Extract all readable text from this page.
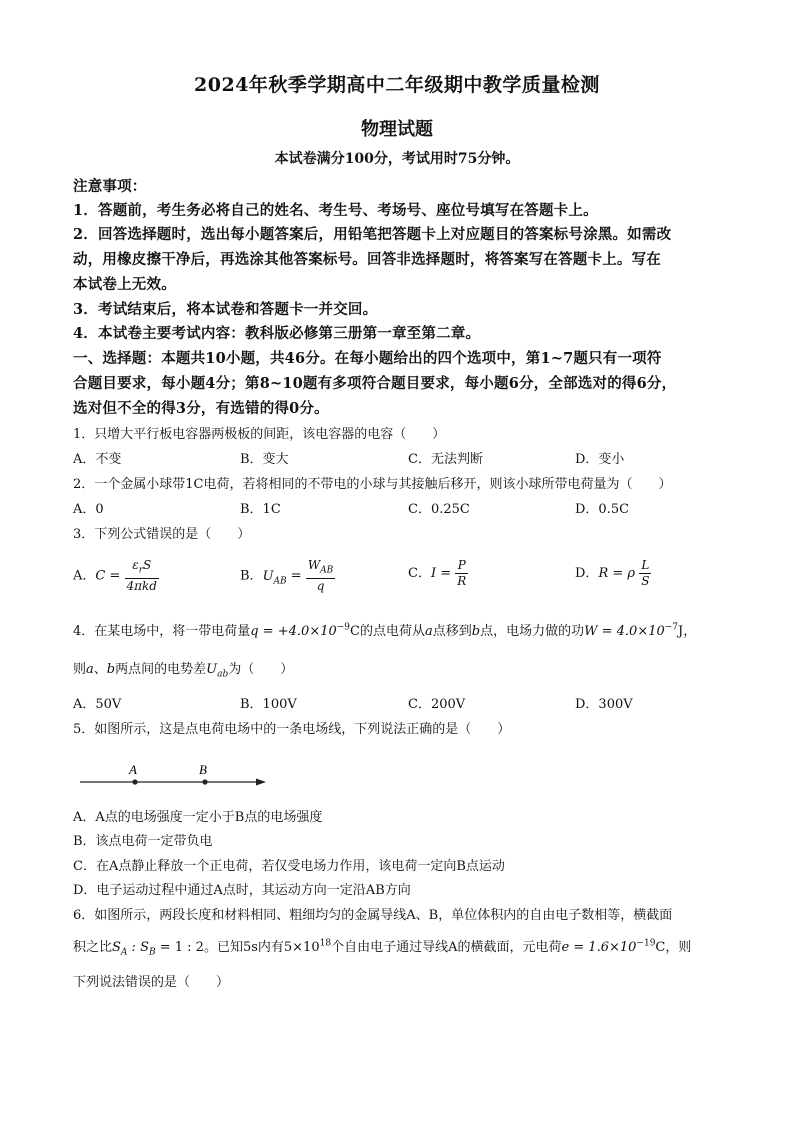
2024年秋季学期高中二年级期中教学质量检测
物理试题
本试卷满分100分，考试用时75分钟。
注意事项：
1．答题前，考生务必将自己的姓名、考生号、考场号、座位号填写在答题卡上。
2．回答选择题时，选出每小题答案后，用铅笔把答题卡上对应题目的答案标号涂黑。如需改
动，用橡皮擦干净后，再选涂其他答案标号。回答非选择题时，将答案写在答题卡上。写在
本试卷上无效。
3．考试结束后，将本试卷和答题卡一并交回。
4．本试卷主要考试内容：教科版必修第三册第一章至第二章。
一、选择题：本题共10小题，共46分。在每小题给出的四个选项中，第1~7题只有一项符
合题目要求，每小题4分；第8~10题有多项符合题目要求，每小题6分，全部选对的得6分，
选对但不全的得3分，有选错的得0分。
1．只增大平行板电容器两极板的间距，该电容器的电容（　　）
A．不变	B．变大	C．无法判断	D．变小
2．一个金属小球带1C电荷，若将相同的不带电的小球与其接触后移开，则该小球所带电荷量为（　　）
A．0	B．1C	C．0.25C	D．0.5C
3．下列公式错误的是（　　）
A．$C = \frac{\varepsilon_rS}{\text{4πkd}}$	B．$U_{AB} = \frac{W_{AB}}{q}$	C．$I = \frac{P}{R}$	D．R = ρ $\frac{L}{S}$
4．在某电场中，将一带电荷量$q = +4.0\times 10^{-9}C$的点电荷从a点移到b点，电场力做的功$W = 4.0\times 10^{-7}J$，
则a、b两点间的电势差$U_{ab}$为（　　）
A．50V	B．100V	C．200V	D．300V
5．如图所示，这是点电荷电场中的一条电场线，下列说法正确的是（　　）
A	B
A．A点的电场强度一定小于B点的电场强度
B．该点电荷一定带负电
C．在A点静止释放一个正电荷，若仅受电场力作用，该电荷一定向B点运动
D．电子运动过程中通过A点时，其运动方向一定沿AB方向
6．如图所示，两段长度和材料相同、粗细均匀的金属导线A、B，单位体积内的自由电子数相等，横截面
积之比$S_A$ : $S_B = 1$ : 2。已知5s内有$5\times 10^{18}$个自由电子通过导线A的横截面，元电荷$e = 1.6\times 10^{-19}C$，则
下列说法错误的是（　　）
